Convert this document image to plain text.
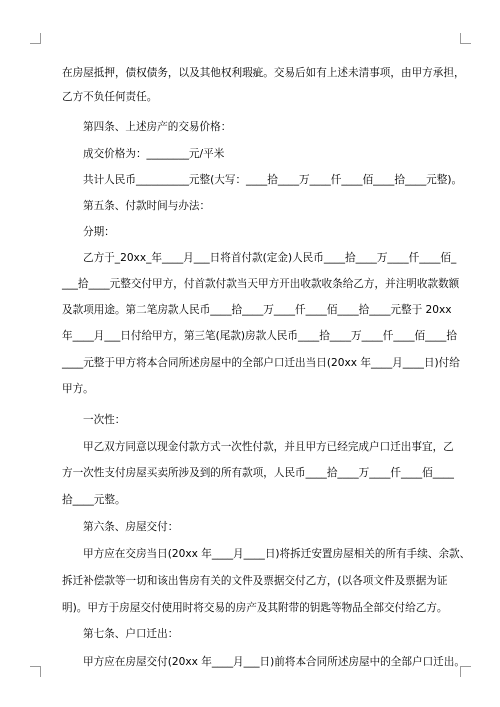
在房屋抵押，债权债务，以及其他权利瑕疵。交易后如有上述未清事项，由甲方承担，
乙方不负任何责任。
第四条、上述房产的交易价格：
成交价格为：________元/平米
共计人民币__________元整(大写：____拾____万____仟____佰____拾____元整)。
第五条、付款时间与办法：
分期：
乙方于_20xx_年____月___日将首付款(定金)人民币____拾____万____仟____佰_
___拾____元整交付甲方，付首款付款当天甲方开出收款收条给乙方，并注明收款数额
及款项用途。第二笔房款人民币____拾____万____仟____佰____拾____元整于 20xx
年____月___日付给甲方，第三笔(尾款)房款人民币____拾____万____仟____佰____拾
____元整于甲方将本合同所述房屋中的全部户口迁出当日(20xx 年____月____日)付给
甲方。
一次性：
甲乙双方同意以现金付款方式一次性付款，并且甲方已经完成户口迁出事宜，乙
方一次性支付房屋买卖所涉及到的所有款项，人民币____拾____万____仟____佰____
拾____元整。
第六条、房屋交付：
甲方应在交房当日(20xx 年____月____日)将拆迁安置房屋相关的所有手续、余款、
拆迁补偿款等一切和该出售房有关的文件及票据交付乙方，(以各项文件及票据为证
明)。甲方于房屋交付使用时将交易的房产及其附带的钥匙等物品全部交付给乙方。
第七条、户口迁出：
甲方应在房屋交付(20xx 年____月___日)前将本合同所述房屋中的全部户口迁出。
